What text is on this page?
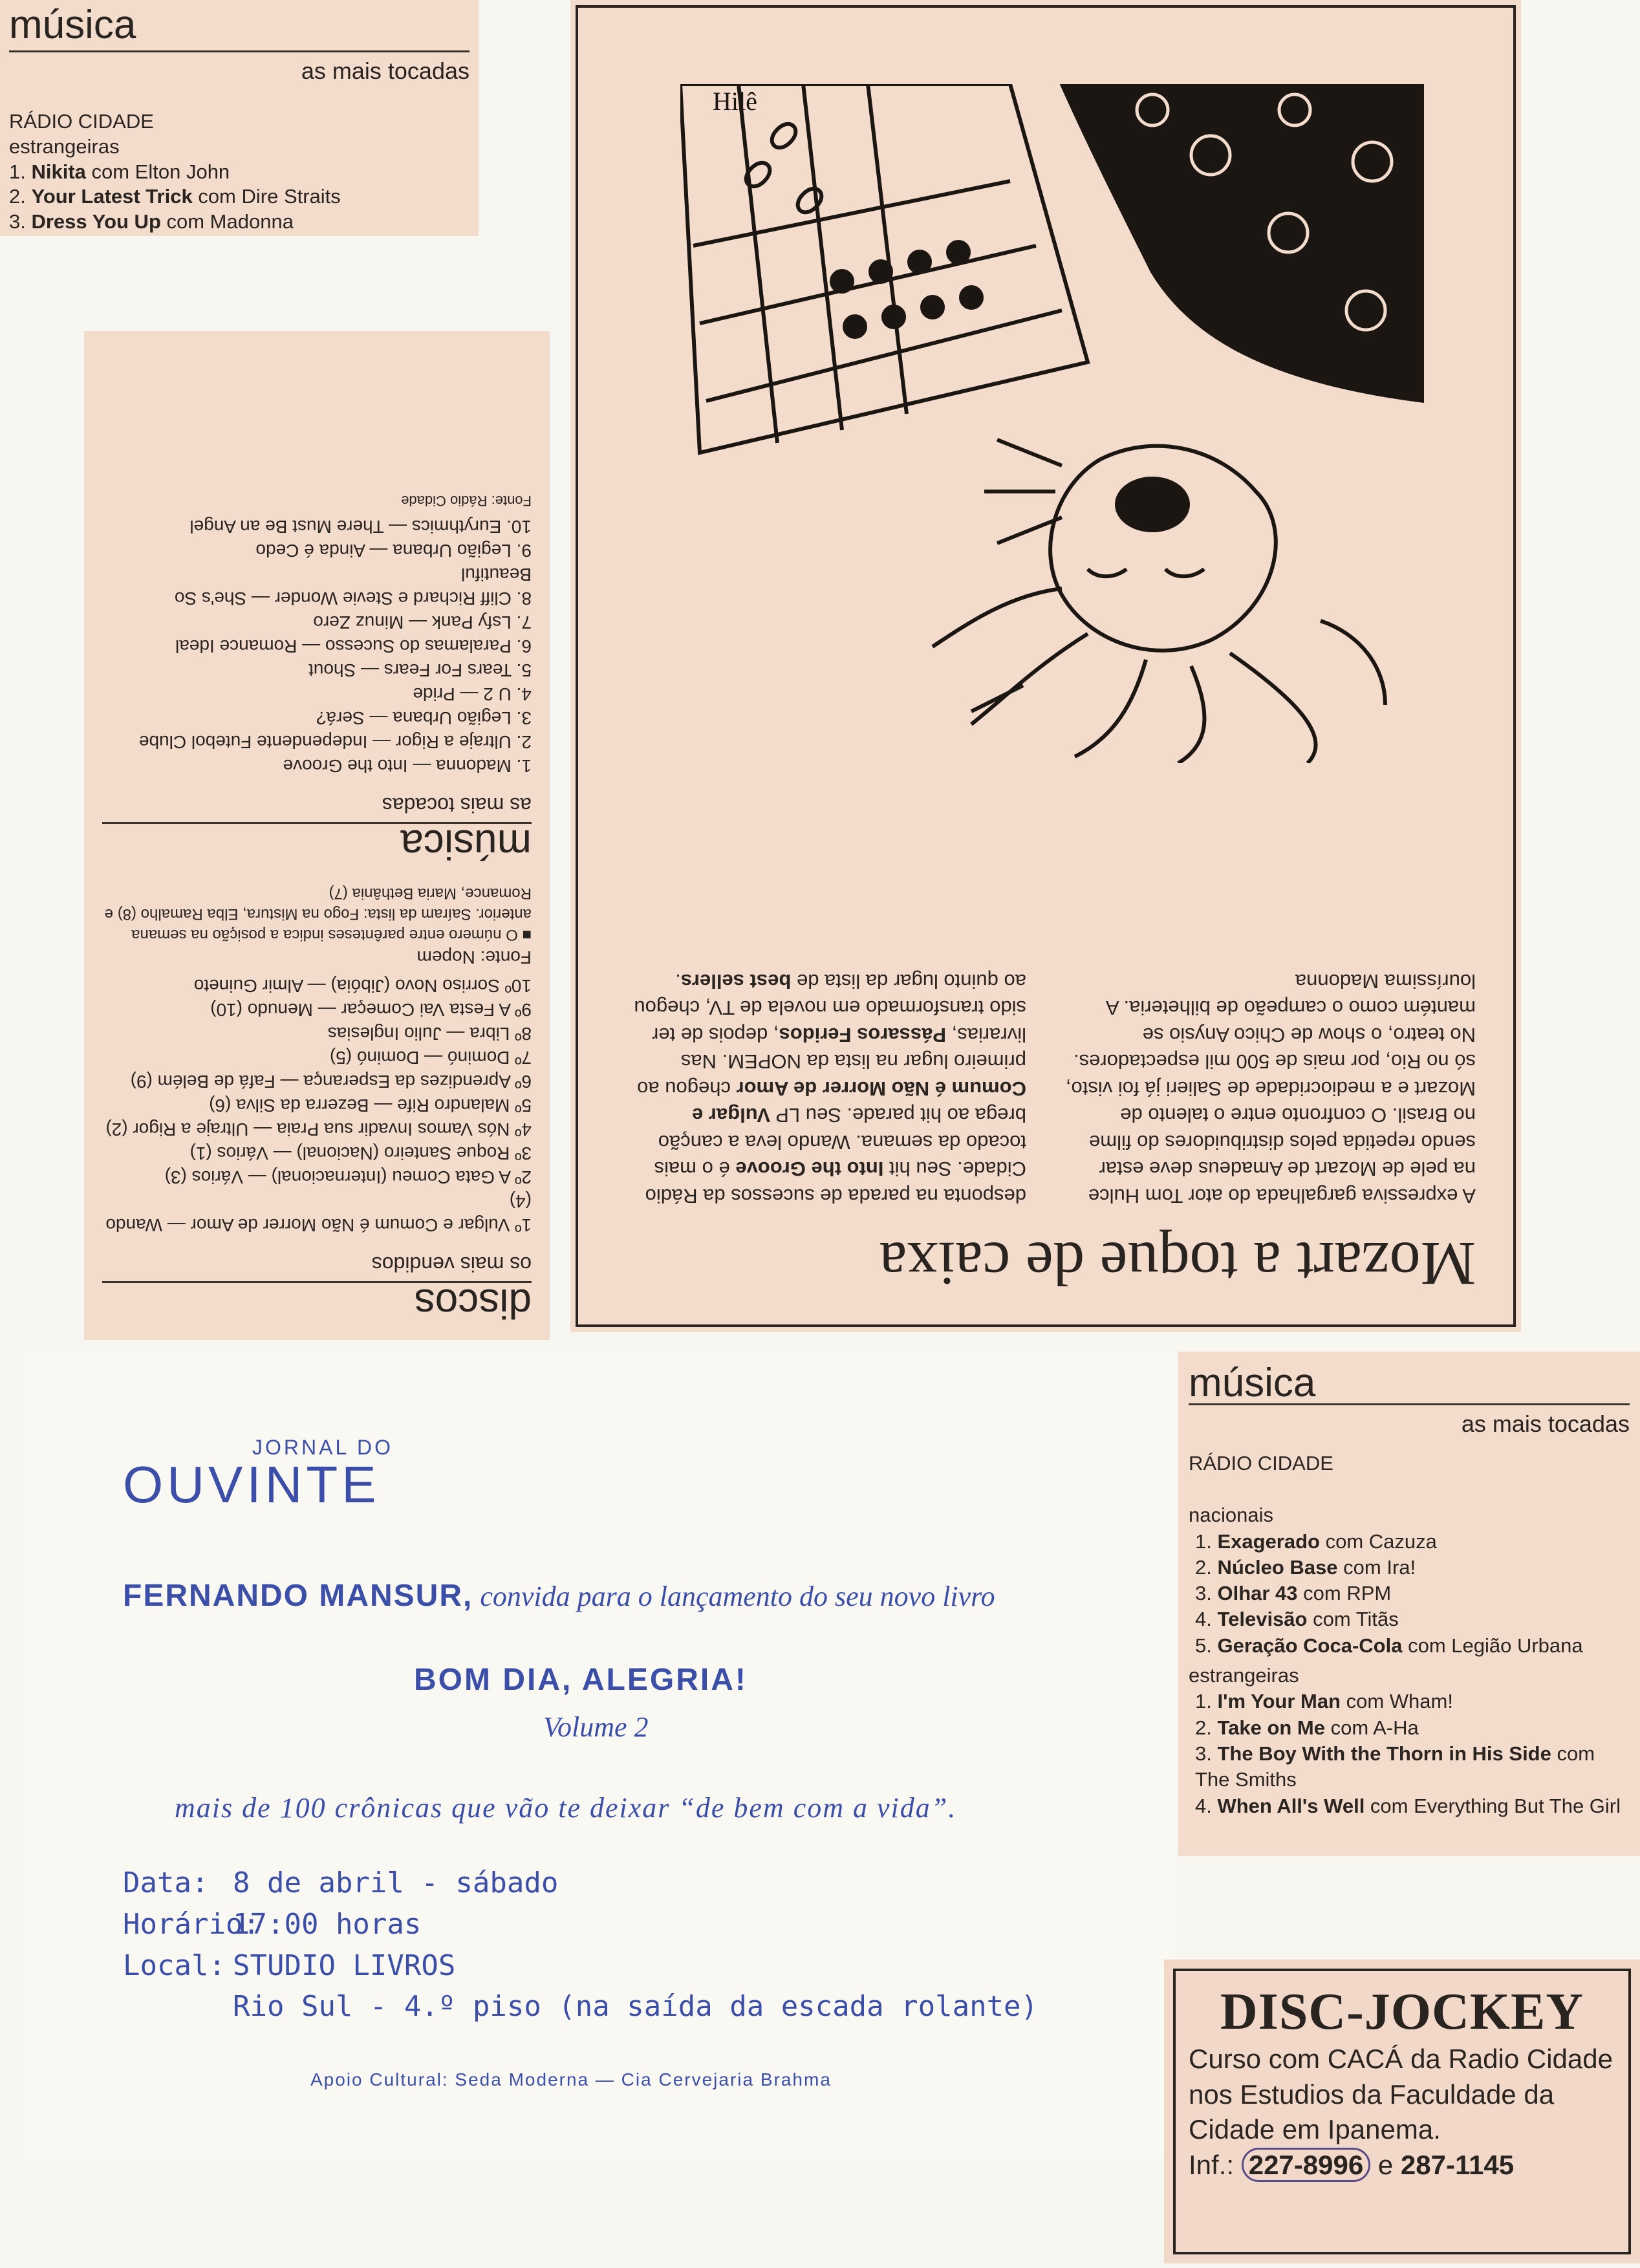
música
as mais tocadas
RÁDIO CIDADE
estrangeiras
1. Nikita com Elton John
2. Your Latest Trick com Dire Straits
3. Dress You Up com Madonna
discos
os mais vendidos

1º Vulgar e Comum é Não Morrer de Amor — Wando (4)

2º A Gata Comeu (Internacional) — Vários (3)

3º Roque Santeiro (Nacional) — Vários (1)

4º Nós Vamos Invadir sua Praia — Ultraje a Rigor (2)

5º Malandro Rife — Bezerra da Silva (6)

6º Aprendizes da Esperança — Fafá de Belém (9)

7º Dominó — Dominó (5)

8º Libra — Julio Inglesias

9º A Festa Vai Começar — Menudo (10)

10º Sorriso Novo (Jibóia) — Almir Guineto

Fonte: Nopem

■ O número entre parênteses indica a posição na semana anterior. Saíram da lista: Fogo na Mistura, Elba Ramalho (8) e Romance, Maria Bethânia (7)

música
as mais tocadas

1. Madonna — Into the Groove

2. Ultraje a Rigor — Independente Futebol Clube

3. Legião Urbana — Será?

4. U 2 — Pride

5. Tears For Fears — Shout

6. Paralamas do Sucesso — Romance Ideal

7. Lsfy Pank — Minuz Zero

8. Cliff Richard e Stevie Wonder — She's So Beautiful

9. Legião Urbana — Ainda é Cedo

10. Eurythmics — There Must Be an Angel

Fonte: Rádio Cidade

Mozart a toque de caixa
A expressiva gargalhada do ator Tom Hulce na pele de Mozart de Amadeus deve estar sendo repetida pelos distribuidores do filme no Brasil. O confronto entre o talento de Mozart e a mediocridade de Salieri já foi visto, só no Rio, por mais de 500 mil espectadores. No teatro, o show de Chico Anysio se mantém como o campeão de bilheteria. A louríssima Madonna
desponta na parada de sucessos da Rádio Cidade. Seu hit Into the Groove é o mais tocado da semana. Wando leva a canção brega ao hit parade. Seu LP Vulgar e Comum é Não Morrer de Amor chegou ao primeiro lugar na lista da NOPEM. Nas livrarias, Pássaros Feridos, depois de ter sido transformado em novela de TV, chegou ao quinto lugar da lista de best sellers.
Hilê
JORNAL DO
OUVINTE
FERNANDO MANSUR, convida para o lançamento do seu novo livro
BOM DIA, ALEGRIA!
Volume 2
mais de 100 crônicas que vão te deixar “de bem com a vida”.
Data: 8 de abril - sábado
Horário:
17:00 horas
Local: STUDIO LIVROS
Rio Sul - 4.º piso (na saída da escada rolante)
Apoio Cultural: Seda Moderna — Cia Cervejaria Brahma
música
as mais tocadas
RÁDIO CIDADE
nacionais
1. Exagerado com Cazuza
2. Núcleo Base com Ira!
3. Olhar 43 com RPM
4. Televisão com Titãs
5. Geração Coca-Cola com Legião Urbana
estrangeiras
1. I'm Your Man com Wham!
2. Take on Me com A-Ha
3. The Boy With the Thorn in His Side com The Smiths
4. When All's Well com Everything But The Girl
DISC-JOCKEY
Curso com CACÁ da Radio Cidade nos Estudios da Faculdade da Cidade em Ipanema.
Inf.: 227-8996 e 287-1145
